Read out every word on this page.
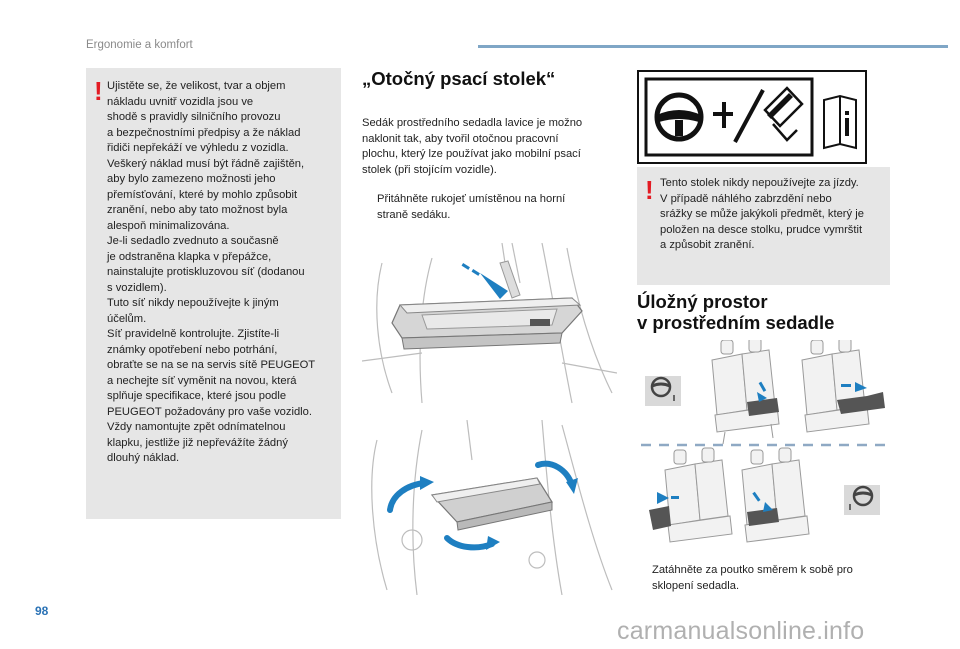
Ergonomie a komfort
! Ujistěte se, že velikost, tvar a objem
nákladu uvnitř vozidla jsou ve
shodě s pravidly silničního provozu
a bezpečnostními předpisy a že náklad
řidiči nepřekáží ve výhledu z vozidla.
Veškerý náklad musí být řádně zajištěn,
aby bylo zamezeno možnosti jeho
přemísťování, které by mohlo způsobit
zranění, nebo aby tato možnost byla
alespoň minimalizována.
Je-li sedadlo zvednuto a současně
je odstraněna klapka v přepážce,
nainstalujte protiskluzovou síť (dodanou
s vozidlem).
Tuto síť nikdy nepoužívejte k jiným
účelům.
Síť pravidelně kontrolujte. Zjistíte-li
známky opotřebení nebo potrhání,
obraťte se na se na servis sítě PEUGEOT
a nechejte síť vyměnit na novou, která
splňuje specifikace, které jsou podle
PEUGEOT požadovány pro vaše vozidlo.
Vždy namontujte zpět odnímatelnou
klapku, jestliže již nepřevážíte žádný
dlouhý náklad.
„Otočný psací stolek“
Sedák prostředního sedadla lavice je možno
naklonit tak, aby tvořil otočnou pracovní
plochu, který lze používat jako mobilní psací
stolek (při stojícím vozidle).
Přitáhněte rukojeť umístěnou na horní
straně sedáku.
! Tento stolek nikdy nepoužívejte za jízdy.
V případě náhlého zabrzdění nebo
srážky se může jakýkoli předmět, který je
položen na desce stolku, prudce vymrštit
a způsobit zranění.
Úložný prostor
v prostředním sedadle
Zatáhněte za poutko směrem k sobě pro
sklopení sedadla.
98
carmanualsonline.info
